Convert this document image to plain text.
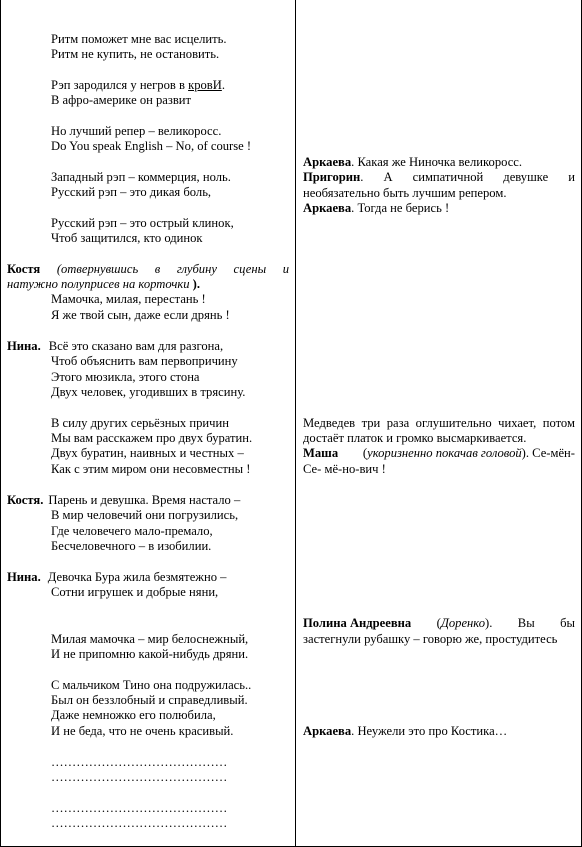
Ритм поможет мне вас исцелить.
Ритм не купить, не остановить.
Рэп зародился у негров в кровИ.
В афро-америке он развит
Но лучший репер – великоросс.
Do You speak English – No, of course !
Западный рэп – коммерция, ноль.
Русский рэп – это дикая боль,
Русский рэп – это острый клинок,
Чтоб защитился, кто одинок
Костя (отвернувшись в глубину сцены и
натужно полуприсев на корточки ).
Мамочка, милая, перестань !
Я же твой сын, даже если дрянь !
Нина. Всё это сказано вам для разгона,
Чтоб объяснить вам первопричину
Этого мюзикла, этого стона
Двух человек, угодивших в трясину.
В силу других серьёзных причин
Мы вам расскажем про двух буратин.
Двух буратин, наивных и честных –
Как с этим миром они несовместны !
Костя. Парень и девушка. Время настало –
В мир человечий они погрузились,
Где человечего мало-премало,
Бесчеловечного – в изобилии.
Нина. Девочка Бура жила безмятежно –
Сотни игрушек и добрые няни,
Милая мамочка – мир белоснежный,
И не припомню какой-нибудь дряни.
С мальчиком Тино она подружилась..
Был он беззлобный и справедливый.
Даже немножко его полюбила,
И не беда, что не очень красивый.
……………………………………
……………………………………
……………………………………
……………………………………
Аркаева. Какая же Ниночка великоросс.
Пригорин. А симпатичной девушке и
необязательно быть лучшим репером.
Аркаева. Тогда не берись !
Медведев три раза оглушительно чихает, потом
достаёт платок и громко высмаркивается.
Маша (укоризненно покачав головой). Се-мён-
Се- мё-но-вич !
Полина Андреевна (Доренко). Вы бы
застегнули рубашку – говорю же, простудитесь
Аркаева. Неужели это про Костика…
